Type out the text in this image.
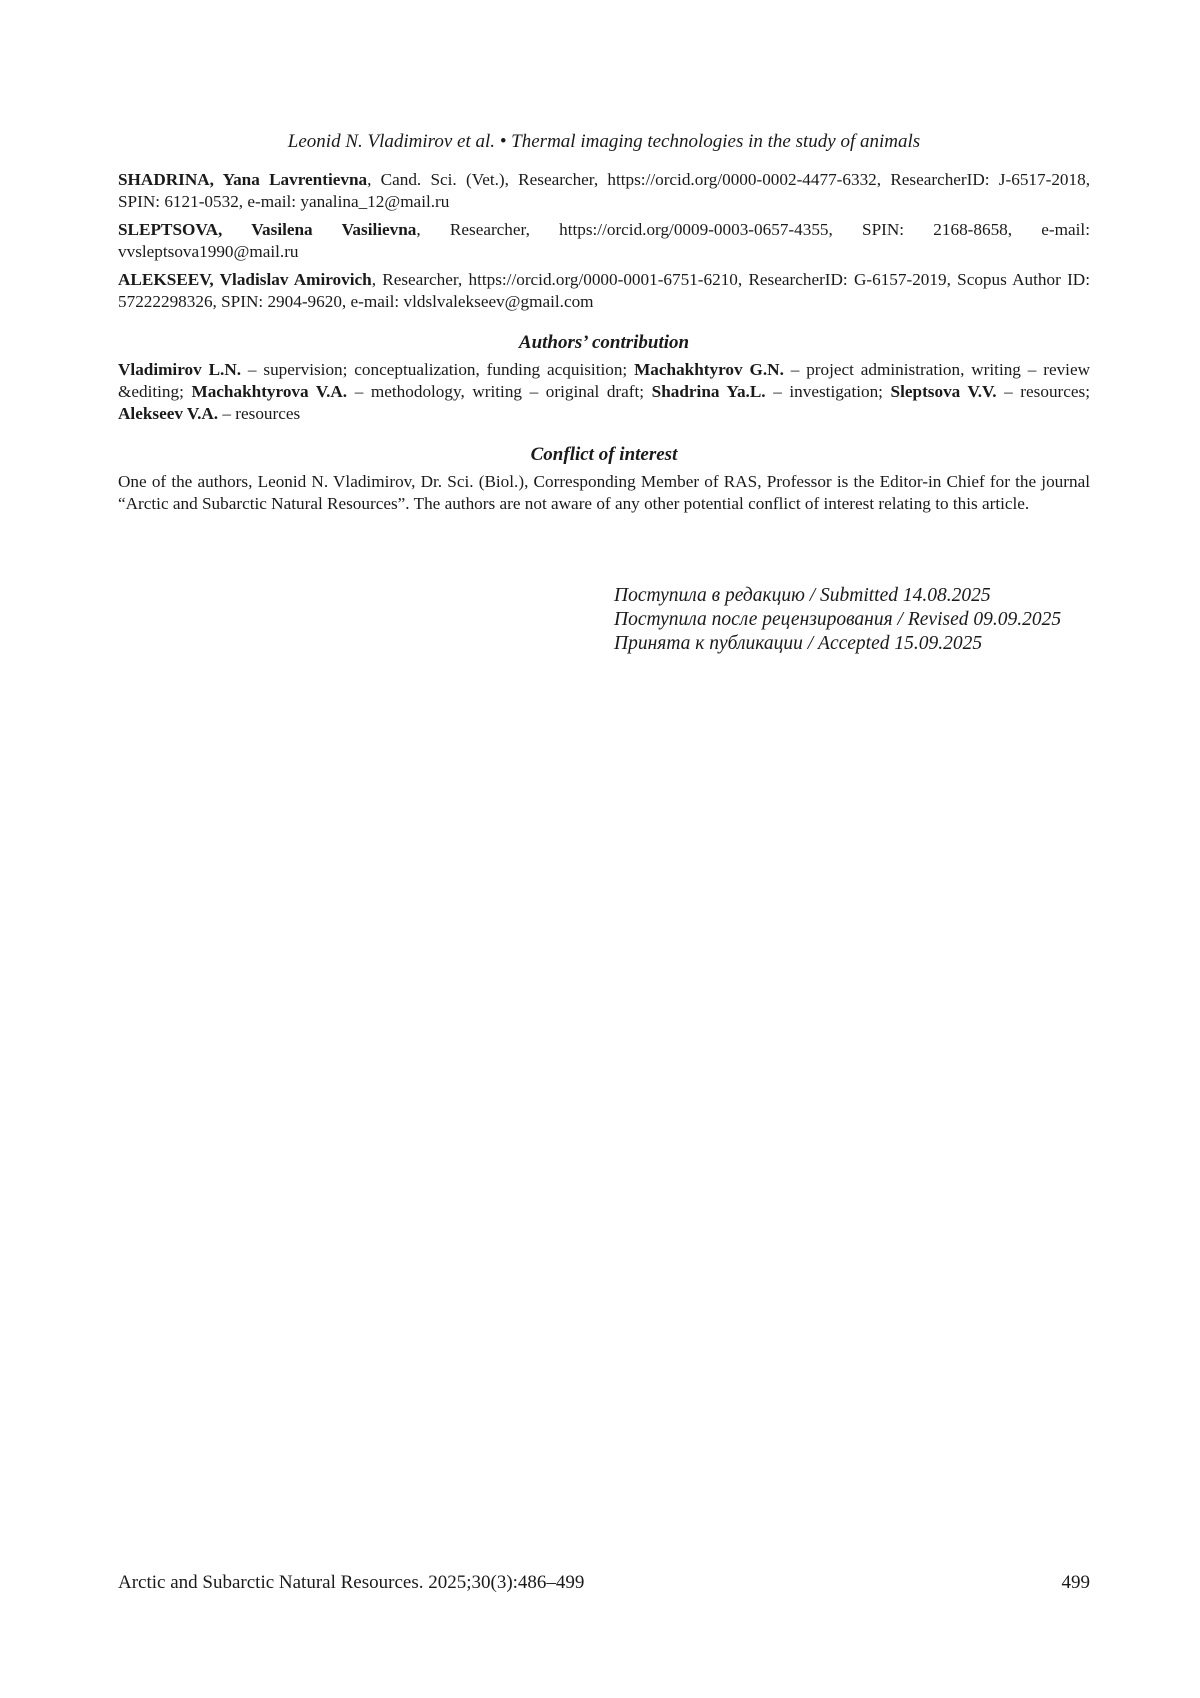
Leonid N. Vladimirov et al. • Thermal imaging technologies in the study of animals

SHADRINA, Yana Lavrentievna, Cand. Sci. (Vet.), Researcher, https://orcid.org/0000-0002-4477-6332, ResearcherID: J-6517-2018, SPIN: 6121-0532, e-mail: yanalina_12@mail.ru

SLEPTSOVA, Vasilena Vasilievna, Researcher, https://orcid.org/0009-0003-0657-4355, SPIN: 2168-8658, e-mail: vvsleptsova1990@mail.ru

ALEKSEEV, Vladislav Amirovich, Researcher, https://orcid.org/0000-0001-6751-6210, ResearcherID: G-6157-2019, Scopus Author ID: 57222298326, SPIN: 2904-9620, e-mail: vldslvalekseev@gmail.com

Authors’ contribution

Vladimirov L.N. – supervision; conceptualization, funding acquisition; Machakhtyrov G.N. – project administration, writing – review &editing; Machakhtyrova V.A. – methodology, writing – original draft; Shadrina Ya.L. – investigation; Sleptsova V.V. – resources; Alekseev V.A. – resources

Conflict of interest

One of the authors, Leonid N. Vladimirov, Dr. Sci. (Biol.), Corresponding Member of RAS, Professor is the Editor-in Chief for the journal “Arctic and Subarctic Natural Resources”. The authors are not aware of any other potential conflict of interest relating to this article.

Поступила в редакцию / Submitted 14.08.2025
Поступила после рецензирования / Revised 09.09.2025
Принята к публикации / Accepted 15.09.2025
Arctic and Subarctic Natural Resources. 2025;30(3):486–499	499
